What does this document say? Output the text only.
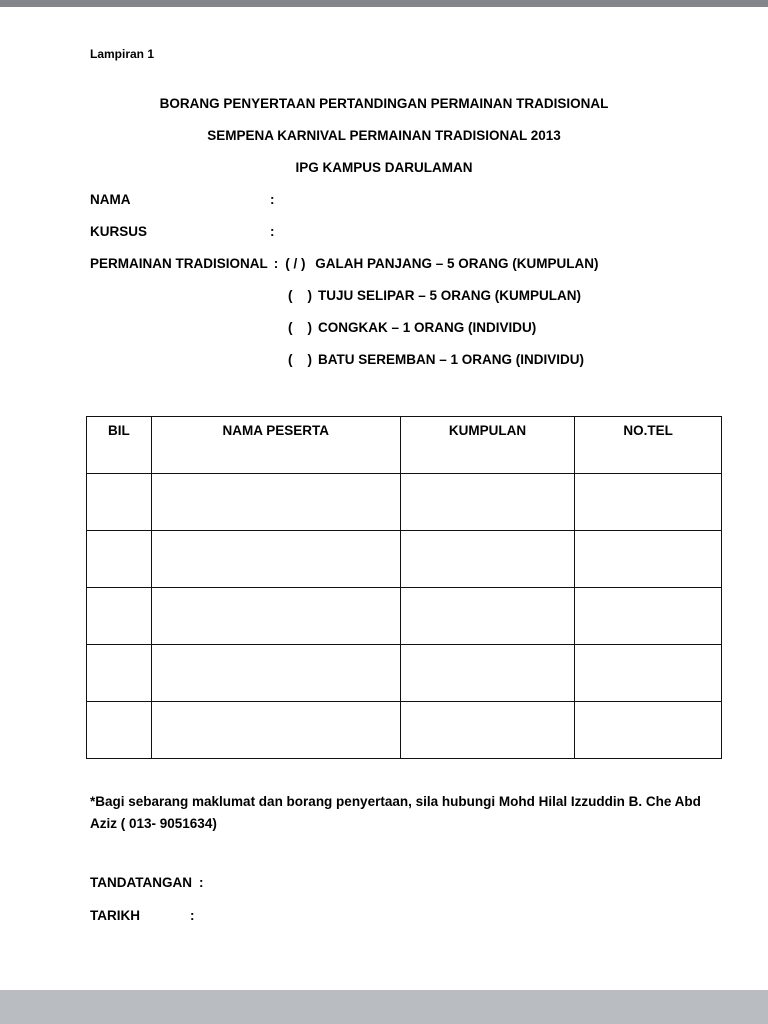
Lampiran 1
BORANG PENYERTAAN PERTANDINGAN PERMAINAN TRADISIONAL
SEMPENA KARNIVAL PERMAINAN TRADISIONAL 2013
IPG KAMPUS DARULAMAN
NAMA	:
KURSUS	:
PERMAINAN TRADISIONAL : ( / ) GALAH PANJANG – 5 ORANG (KUMPULAN)
(    ) TUJU SELIPAR – 5 ORANG (KUMPULAN)
(    ) CONGKAK – 1 ORANG (INDIVIDU)
(    ) BATU SEREMBAN – 1 ORANG (INDIVIDU)
BIL	NAMA PESERTA	KUMPULAN	NO.TEL

*Bagi sebarang maklumat dan borang penyertaan, sila hubungi Mohd Hilal Izzuddin B. Che Abd Aziz ( 013- 9051634)
TANDATANGAN :
TARIKH	:
